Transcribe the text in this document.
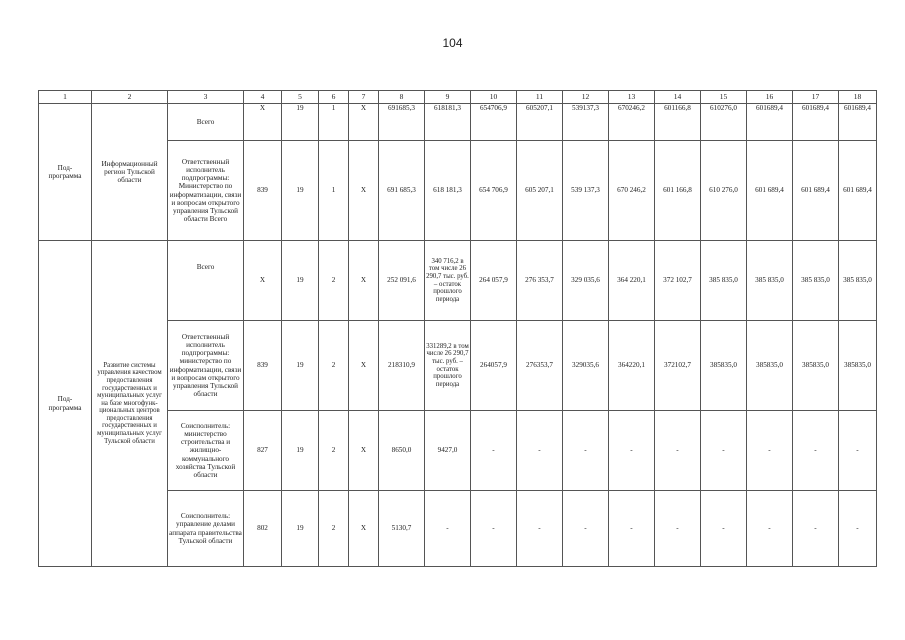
104
1	2	3	4	5	6	7	8	9	10	11	12	13	14	15	16	17	18
Под-
программа	Информационный регион Тульской области	Всего	X	19	1	X	691685,3	618181,3	654706,9	605207,1	539137,3	670246,2	601166,8	610276,0	601689,4	601689,4	601689,4
		Ответственный исполнитель подпрограммы: Министерство по информатизации, связи и вопросам открытого управления Тульской области Всего	839	19	1	X	691 685,3	618 181,3	654 706,9	605 207,1	539 137,3	670 246,2	601 166,8	610 276,0	601 689,4	601 689,4	601 689,4
Под-
программа	Развитие системы управления качеством предоставления государственных и муниципальных услуг на базе многофунк-циональных центров предоставления государственных и муниципальных услуг Тульской области	Всего	X	19	2	X	252 091,6	340 716,2 в том числе 26 290,7 тыс. руб. – остаток прошлого периода	264 057,9	276 353,7	329 035,6	364 220,1	372 102,7	385 835,0	385 835,0	385 835,0	385 835,0
		Ответственный исполнитель подпрограммы: министерство по информатизации, связи и вопросам открытого управления Тульской области	839	19	2	X	218310,9	331289,2 в том числе 26 290,7 тыс. руб. – остаток прошлого периода	264057,9	276353,7	329035,6	364220,1	372102,7	385835,0	385835,0	385835,0	385835,0
		Соисполнитель: министерство строительства и жилищно-коммунального хозяйства Тульской области	827	19	2	X	8650,0	9427,0	-	-	-	-	-	-	-	-	-
		Соисполнитель: управление делами аппарата правительства Тульской области	802	19	2	X	5130,7	-	-	-	-	-	-	-	-	-	-
